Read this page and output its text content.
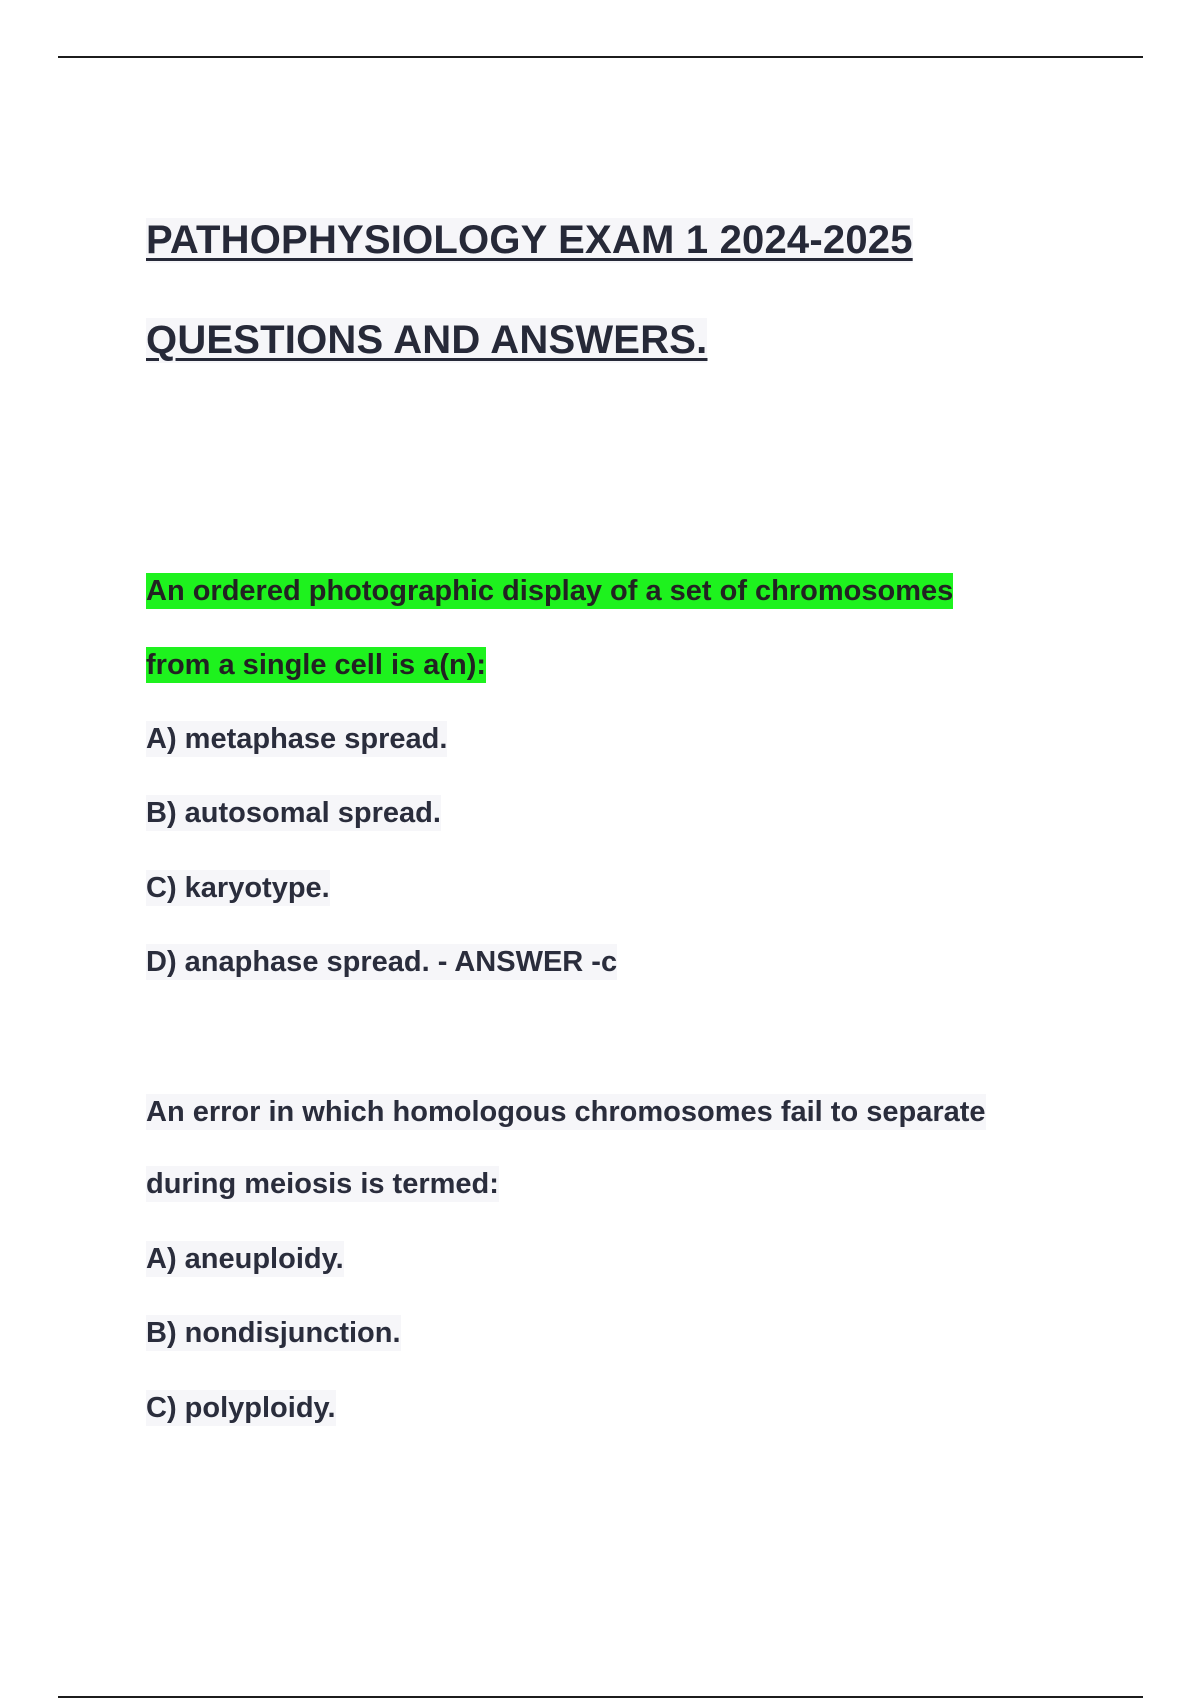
PATHOPHYSIOLOGY EXAM 1 2024-2025
QUESTIONS AND ANSWERS.
An ordered photographic display of a set of chromosomes
from a single cell is a(n):
A) metaphase spread.
B) autosomal spread.
C) karyotype.
D) anaphase spread. - ANSWER -c
An error in which homologous chromosomes fail to separate
during meiosis is termed:
A) aneuploidy.
B) nondisjunction.
C) polyploidy.
